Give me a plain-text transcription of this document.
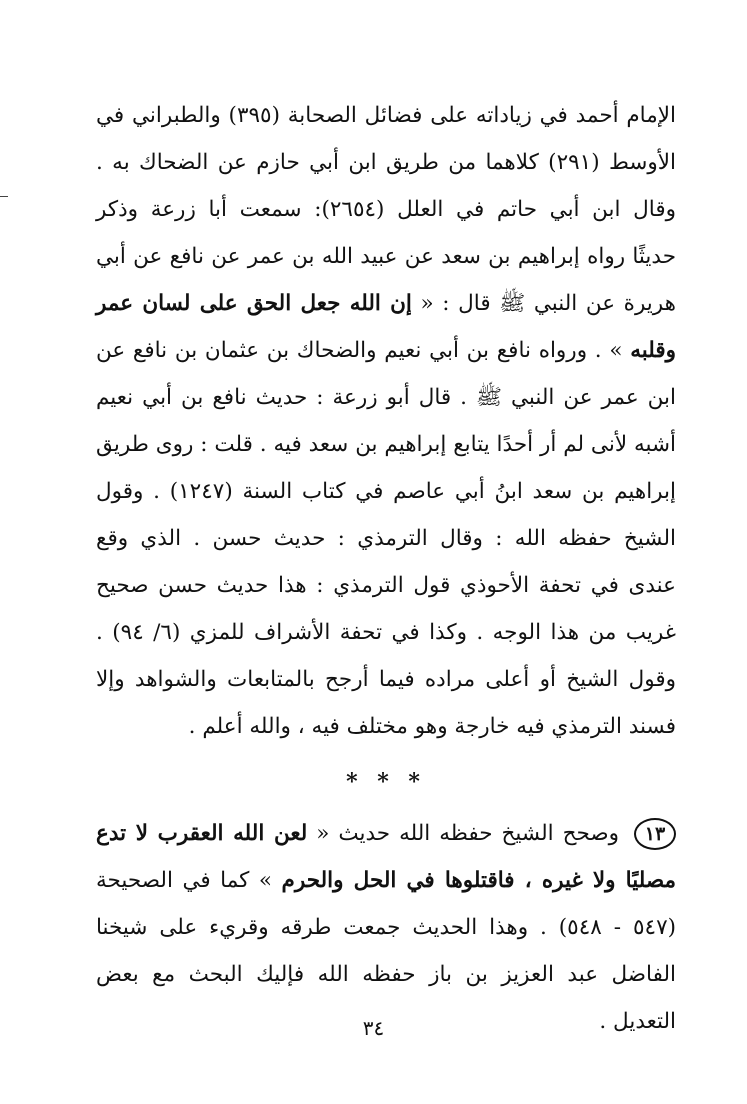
الإمام أحمد في زياداته على فضائل الصحابة (٣٩٥) والطبراني في
الأوسط (٢٩١) كلاهما من طريق ابن أبي حازم عن الضحاك به .
وقال ابن أبي حاتم في العلل (٢٦٥٤): سمعت أبا زرعة وذكر
حديثًا رواه إبراهيم بن سعد عن عبيد الله بن عمر عن نافع عن أبي
هريرة عن النبي ﷺ قال : « إن الله جعل الحق على لسان عمر
وقلبه » . ورواه نافع بن أبي نعيم والضحاك بن عثمان بن نافع عن
ابن عمر عن النبي ﷺ . قال أبو زرعة : حديث نافع بن أبي نعيم
أشبه لأنى لم أر أحدًا يتابع إبراهيم بن سعد فيه . قلت : روى طريق
إبراهيم بن سعد ابنُ أبي عاصم في كتاب السنة (١٢٤٧) . وقول
الشيخ حفظه الله : وقال الترمذي : حديث حسن . الذي وقع
عندى في تحفة الأحوذي قول الترمذي : هذا حديث حسن صحيح
غريب من هذا الوجه . وكذا في تحفة الأشراف للمزي (٦/ ٩٤) .
وقول الشيخ أو أعلى مراده فيما أرجح بالمتابعات والشواهد وإلا
فسند الترمذي فيه خارجة وهو مختلف فيه ، والله أعلم .
* * *
١٣ وصحح الشيخ حفظه الله حديث « لعن الله العقرب لا تدع
مصليًا ولا غيره ، فاقتلوها في الحل والحرم » كما في الصحيحة
(٥٤٧ - ٥٤٨) . وهذا الحديث جمعت طرقه وقريء على شيخنا
الفاضل عبد العزيز بن باز حفظه الله فإليك البحث مع بعض
التعديل .
٣٤
